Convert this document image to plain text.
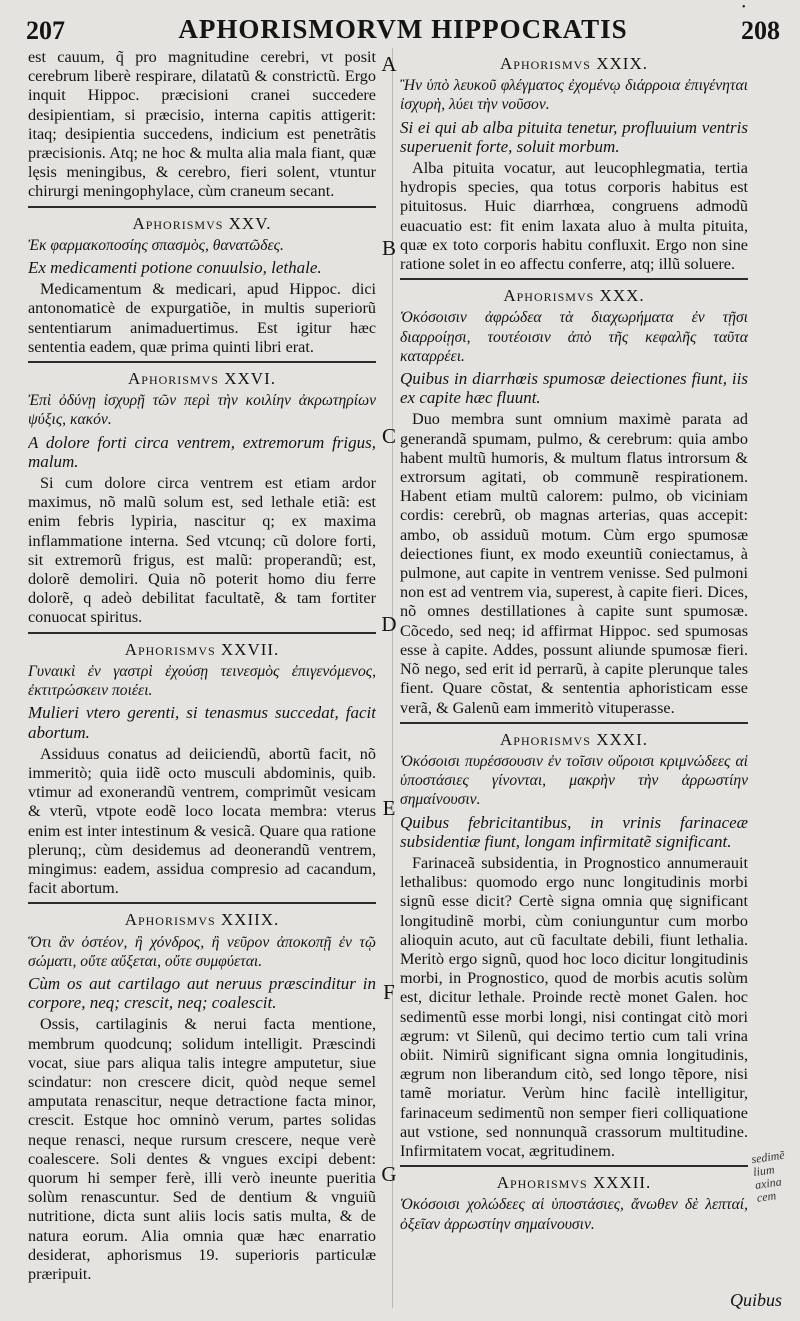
207	APHORISMORVM HIPPOCRATIS	208
•

est cauum, q̃ pro magnitudine cerebri, vt posit cerebrum liberè respirare, dilatatũ & constrictũ. Ergo inquit Hippoc. præcisioni cranei succedere desipientiam, si præcisio, interna capitis attigerit: itaq; desipientia succedens, indicium est penetrãtis præcisionis. Atq; ne hoc & multa alia mala fiant, quæ lęsis meningibus, & cerebro, fieri solent, vtuntur chirurgi meningophylace, cùm craneum secant.

Aphorismvs XXV.

Ἐκ φαρμακοποσίης σπασμὸς, θανατῶδες.

Ex medicamenti potione conuulsio, lethale.

Medicamentum & medicari, apud Hippoc. dici antonomaticè de expurgatiõe, in multis superiorũ sententiarum animaduertimus. Est igitur hæc sententia eadem, quæ prima quinti libri erat.

Aphorismvs XXVI.

Ἐπὶ ὀδύνῃ ἰσχυρῇ τῶν περὶ τὴν κοιλίην ἀκρωτηρίων ψύξις, κακόν.

A dolore forti circa ventrem, extremorum frigus, malum.

Si cum dolore circa ventrem est etiam ardor maximus, nõ malũ solum est, sed lethale etiã: est enim febris lypiria, nascitur q; ex maxima inflammatione interna. Sed vtcunq; cũ dolore forti, sit extremorũ frigus, est malũ: properandũ; est, dolorẽ demoliri. Quia nõ poterit homo diu ferre dolorẽ, q adeò debilitat facultatẽ, & tam fortiter conuocat spiritus.

Aphorismvs XXVII.

Γυναικὶ ἐν γαστρὶ ἐχούσῃ τεινεσμὸς ἐπιγενόμενος, ἐκτιτρώσκειν ποιέει.

Mulieri vtero gerenti, si tenasmus succedat, facit abortum.

Assiduus conatus ad deiiciendũ, abortũ facit, nõ immeritò; quia iidẽ octo musculi abdominis, quib. vtimur ad exonerandũ ventrem, comprimũt vesicam & vterũ, vtpote eodẽ loco locata membra: vterus enim est inter intestinum & vesicã. Quare qua ratione plerunq;, cùm desidemus ad deonerandũ ventrem, mingimus: eadem, assidua compresio ad cacandum, facit abortum.

Aphorismvs XXIIX.

Ὅτι ἂν ὀστέον, ἢ χόνδρος, ἢ νεῦρον ἀποκοπῇ ἐν τῷ σώματι, οὔτε αὔξεται, οὔτε συμφύεται.

Cùm os aut cartilago aut neruus præscinditur in corpore, neq; crescit, neq; coalescit.

Ossis, cartilaginis & nerui facta mentione, membrum quodcunq; solidum intelligit. Præscindi vocat, siue pars aliqua talis integre amputetur, siue scindatur: non crescere dicit, quòd neque semel amputata renascitur, neque detractione facta minor, crescit. Estque hoc omninò verum, partes solidas neque renasci, neque rursum crescere, neque verè coalescere. Soli dentes & vngues excipi debent: quorum hi semper ferè, illi verò ineunte pueritia solùm renascuntur. Sed de dentium & vnguiũ nutritione, dicta sunt aliis locis satis multa, & de natura eorum. Alia omnia quæ hæc enarratio desiderat, aphorismus 19. superioris particulæ præripuit.

A
B
C
D
E
F
G
Aphorismvs XXIX.

Ἢν ὑπὸ λευκοῦ φλέγματος ἐχομένῳ διάρροια ἐπιγένηται ἰσχυρὴ, λύει τὴν νοῦσον.

Si ei qui ab alba pituita tenetur, profluuium ventris superuenit forte, soluit morbum.

Alba pituita vocatur, aut leucophlegmatia, tertia hydropis species, qua totus corporis habitus est pituitosus. Huic diarrhœa, congruens admodũ euacuatio est: fit enim laxata aluo à multa pituita, quæ ex toto corporis habitu confluxit. Ergo non sine ratione solet in eo affectu conferre, atq; illũ soluere.

Aphorismvs XXX.

Ὁκόσοισιν ἀφρώδεα τὰ διαχωρήματα ἐν τῇσι διαρροίῃσι, τουτέοισιν ἀπὸ τῆς κεφαλῆς ταῦτα καταρρέει.

Quibus in diarrhœis spumosæ deiectiones fiunt, iis ex capite hæc fluunt.

Duo membra sunt omnium maximè parata ad generandã spumam, pulmo, & cerebrum: quia ambo habent multũ humoris, & multum flatus introrsum & extrorsum agitati, ob communẽ respirationem. Habent etiam multũ calorem: pulmo, ob viciniam cordis: cerebrũ, ob magnas arterias, quas accepit: ambo, ob assiduũ motum. Cùm ergo spumosæ deiectiones fiunt, ex modo exeuntiũ coniectamus, à pulmone, aut capite in ventrem venisse. Sed pulmoni non est ad ventrem via, superest, à capite fieri. Dices, nõ omnes destillationes à capite sunt spumosæ. Cõcedo, sed neq; id affirmat Hippoc. sed spumosas esse à capite. Addes, possunt aliunde spumosæ fieri. Nõ nego, sed erit id perrarũ, à capite plerunque tales fient. Quare cõstat, & sententia aphoristicam esse verã, & Galenũ eam immeritò vituperasse.

Aphorismvs XXXI.

Ὁκόσοισι πυρέσσουσιν ἐν τοῖσιν οὔροισι κριμνώδεες αἱ ὑποστάσιες γίνονται, μακρὴν τὴν ἀρρωστίην σημαίνουσιν.

Quibus febricitantibus, in vrinis farinaceæ subsidentiæ fiunt, longam infirmitatẽ significant.

Farinaceã subsidentia, in Prognostico annumerauit lethalibus: quomodo ergo nunc longitudinis morbi signũ esse dicit? Certè signa omnia quę significant longitudinẽ morbi, cùm coniunguntur cum morbo alioquin acuto, aut cũ facultate debili, fiunt lethalia. Meritò ergo signũ, quod hoc loco dicitur longitudinis morbi, in Prognostico, quod de morbis acutis solùm est, dicitur lethale. Proinde rectè monet Galen. hoc sedimentũ esse morbi longi, nisi contingat citò mori ægrum: vt Silenũ, qui decimo tertio cum tali vrina obiit. Nimirũ significant signa omnia longitudinis, ægrum non liberandum citò, sed longo tẽpore, nisi tamẽ moriatur. Verùm hinc facilè intelligitur, farinaceum sedimentũ non semper fieri colliquatione aut vstione, sed nonnunquã crassorum multitudine. Infirmitatem vocat, ægritudinem.

Aphorismvs XXXII.

Ὁκόσοισι χολώδεες αἱ ὑποστάσιες, ἄνωθεν δὲ λεπταί, ὀξεῖαν ἀρρωστίην σημαίνουσιν.

sedimẽ lium axina cem
Quibus
